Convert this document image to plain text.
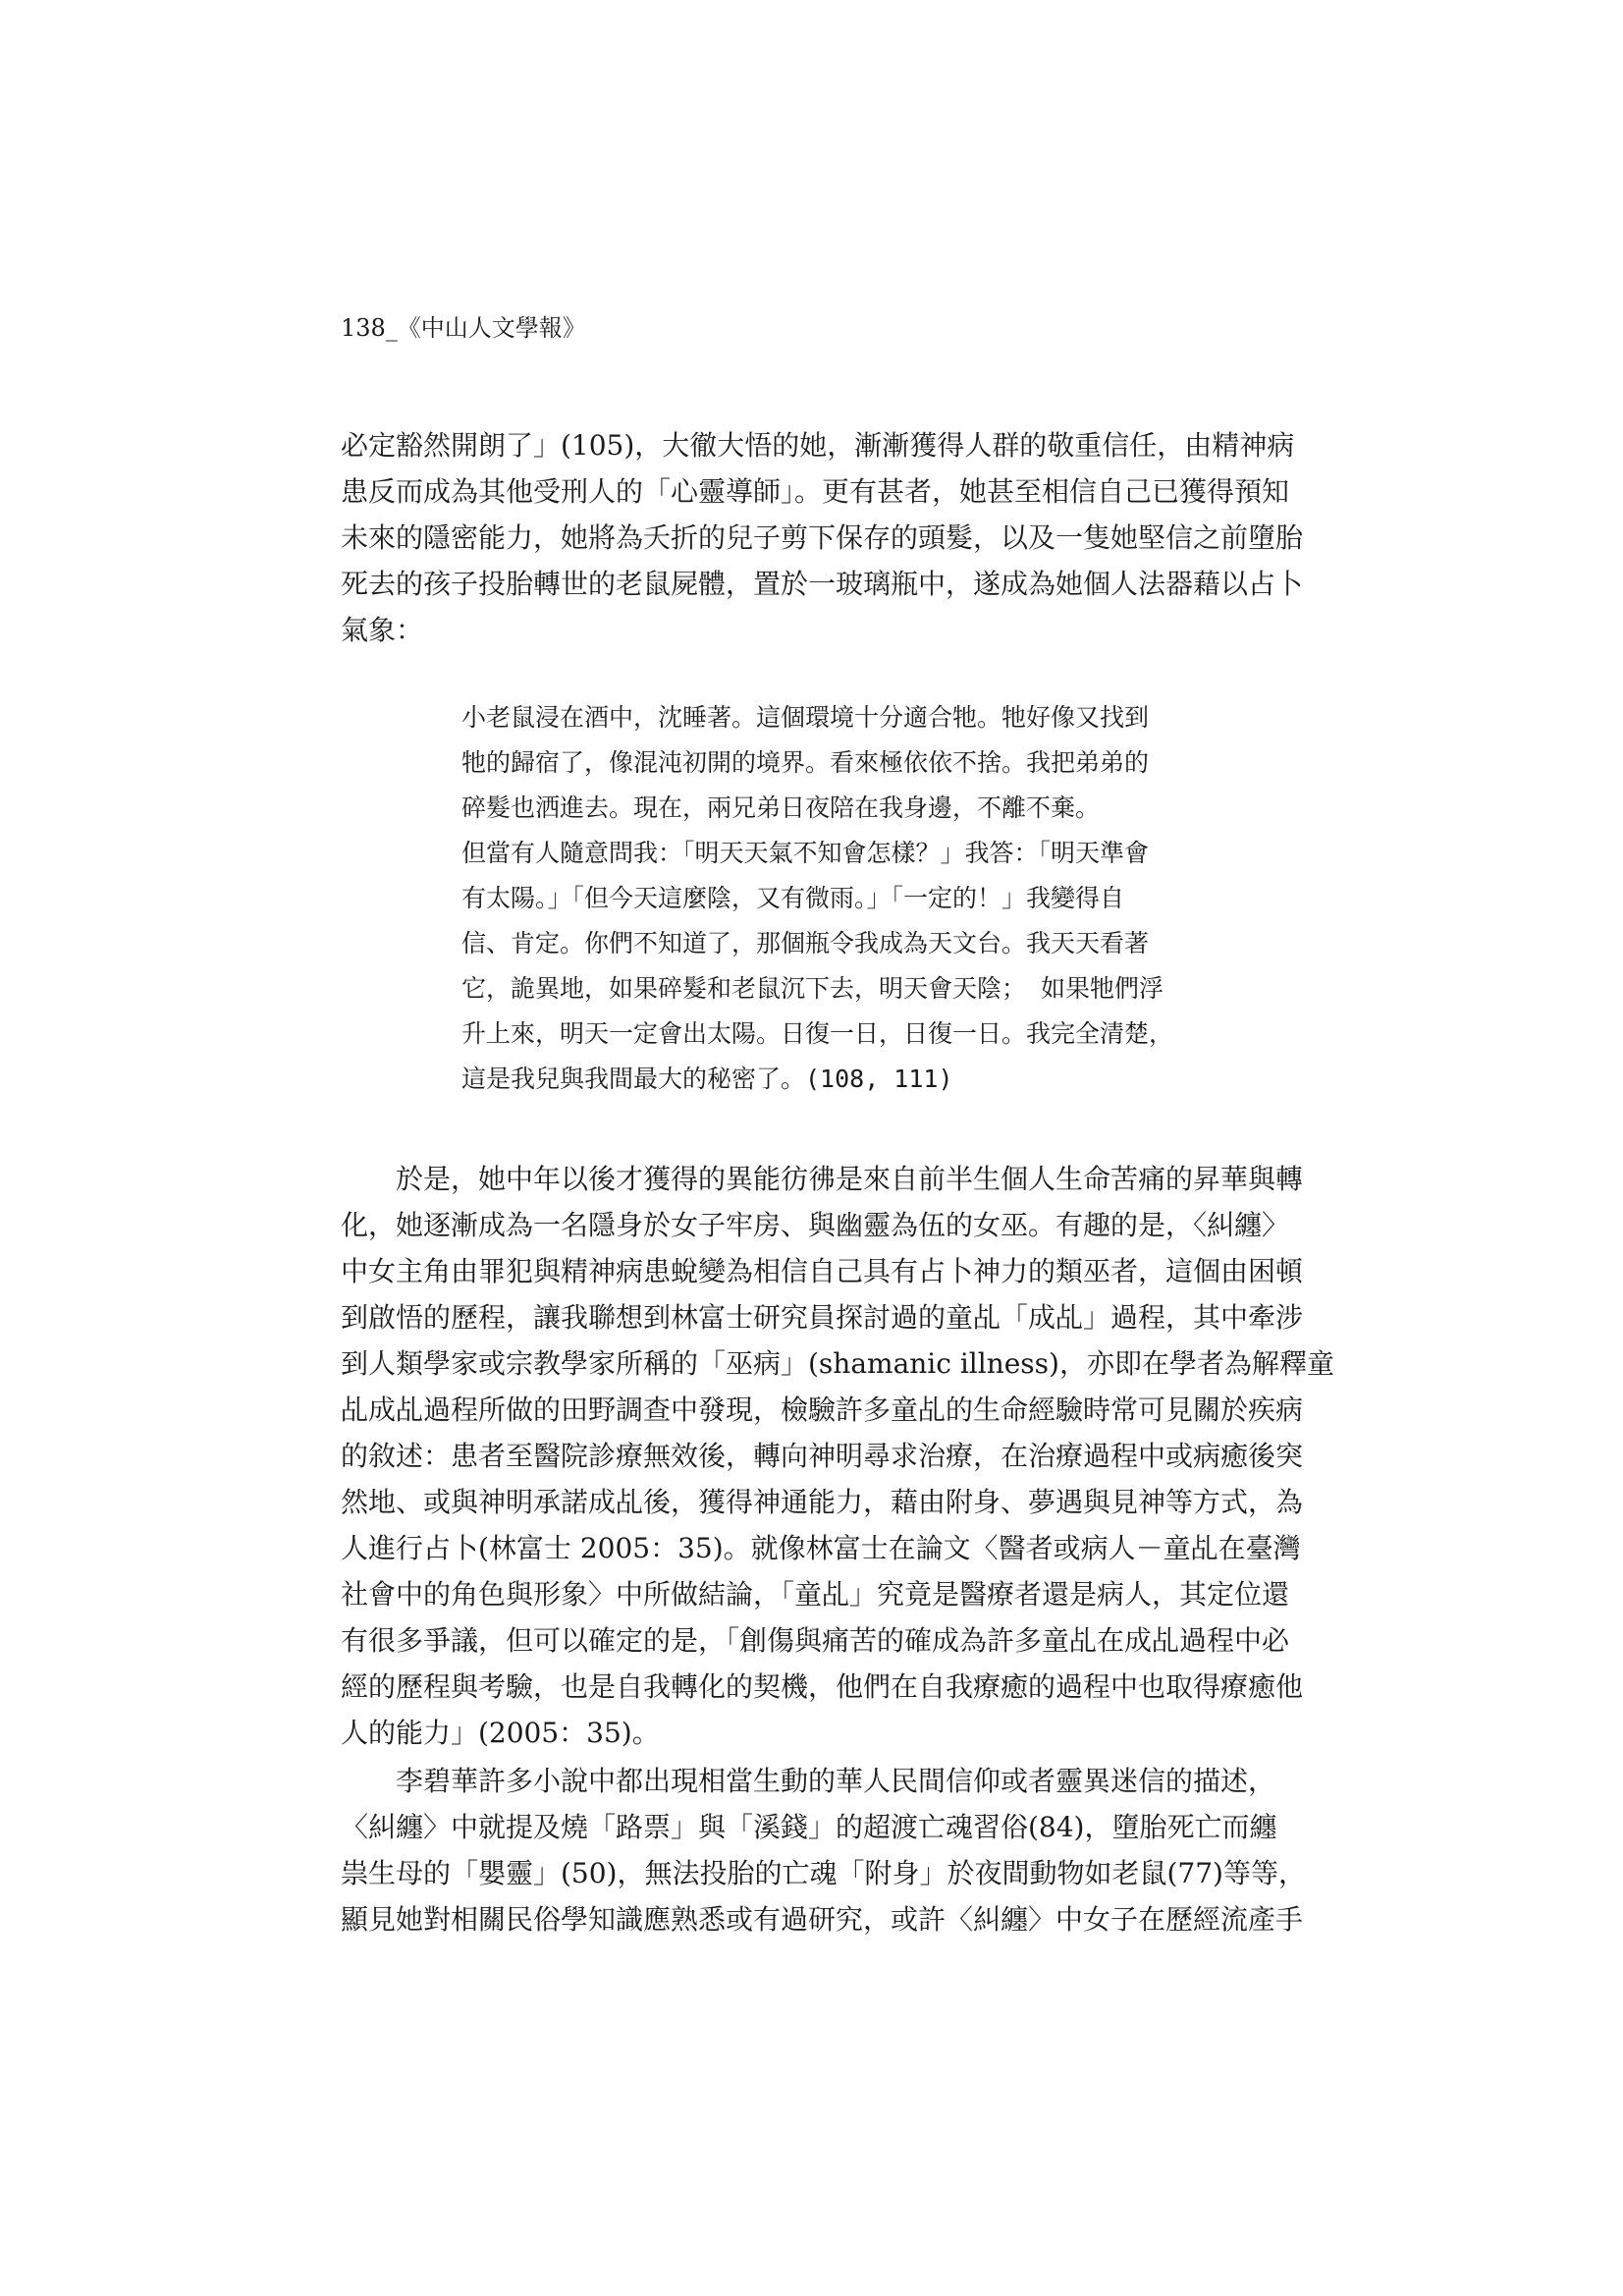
138_《中山人文學報》
必定豁然開朗了」(105)，大徹大悟的她，漸漸獲得人群的敬重信任，由精神病
患反而成為其他受刑人的「心靈導師」。更有甚者，她甚至相信自己已獲得預知
未來的隱密能力，她將為夭折的兒子剪下保存的頭髮，以及一隻她堅信之前墮胎
死去的孩子投胎轉世的老鼠屍體，置於一玻璃瓶中，遂成為她個人法器藉以占卜
氣象：
小老鼠浸在酒中，沈睡著。這個環境十分適合牠。牠好像又找到
牠的歸宿了，像混沌初開的境界。看來極依依不捨。我把弟弟的
碎髮也洒進去。現在，兩兄弟日夜陪在我身邊，不離不棄。
但當有人隨意問我：「明天天氣不知會怎樣？」我答：「明天準會
有太陽。」「但今天這麼陰，又有微雨。」「一定的！」我變得自
信、肯定。你們不知道了，那個瓶令我成為天文台。我天天看著
它，詭異地，如果碎髮和老鼠沉下去，明天會天陰； 如果牠們浮
升上來，明天一定會出太陽。日復一日，日復一日。我完全清楚，
這是我兒與我間最大的秘密了。(108, 111)
　　於是，她中年以後才獲得的異能彷彿是來自前半生個人生命苦痛的昇華與轉
化，她逐漸成為一名隱身於女子牢房、與幽靈為伍的女巫。有趣的是，〈糾纏〉
中女主角由罪犯與精神病患蛻變為相信自己具有占卜神力的類巫者，這個由困頓
到啟悟的歷程，讓我聯想到林富士研究員探討過的童乩「成乩」過程，其中牽涉
到人類學家或宗教學家所稱的「巫病」(shamanic illness)，亦即在學者為解釋童
乩成乩過程所做的田野調查中發現，檢驗許多童乩的生命經驗時常可見關於疾病
的敘述：患者至醫院診療無效後，轉向神明尋求治療，在治療過程中或病癒後突
然地、或與神明承諾成乩後，獲得神通能力，藉由附身、夢遇與見神等方式，為
人進行占卜(林富士 2005：35)。就像林富士在論文〈醫者或病人－童乩在臺灣
社會中的角色與形象〉中所做結論，「童乩」究竟是醫療者還是病人，其定位還
有很多爭議，但可以確定的是，「創傷與痛苦的確成為許多童乩在成乩過程中必
經的歷程與考驗，也是自我轉化的契機，他們在自我療癒的過程中也取得療癒他
人的能力」(2005：35)。
　　李碧華許多小說中都出現相當生動的華人民間信仰或者靈異迷信的描述，
〈糾纏〉中就提及燒「路票」與「溪錢」的超渡亡魂習俗(84)，墮胎死亡而纏
祟生母的「嬰靈」(50)，無法投胎的亡魂「附身」於夜間動物如老鼠(77)等等，
顯見她對相關民俗學知識應熟悉或有過研究，或許〈糾纏〉中女子在歷經流產手
